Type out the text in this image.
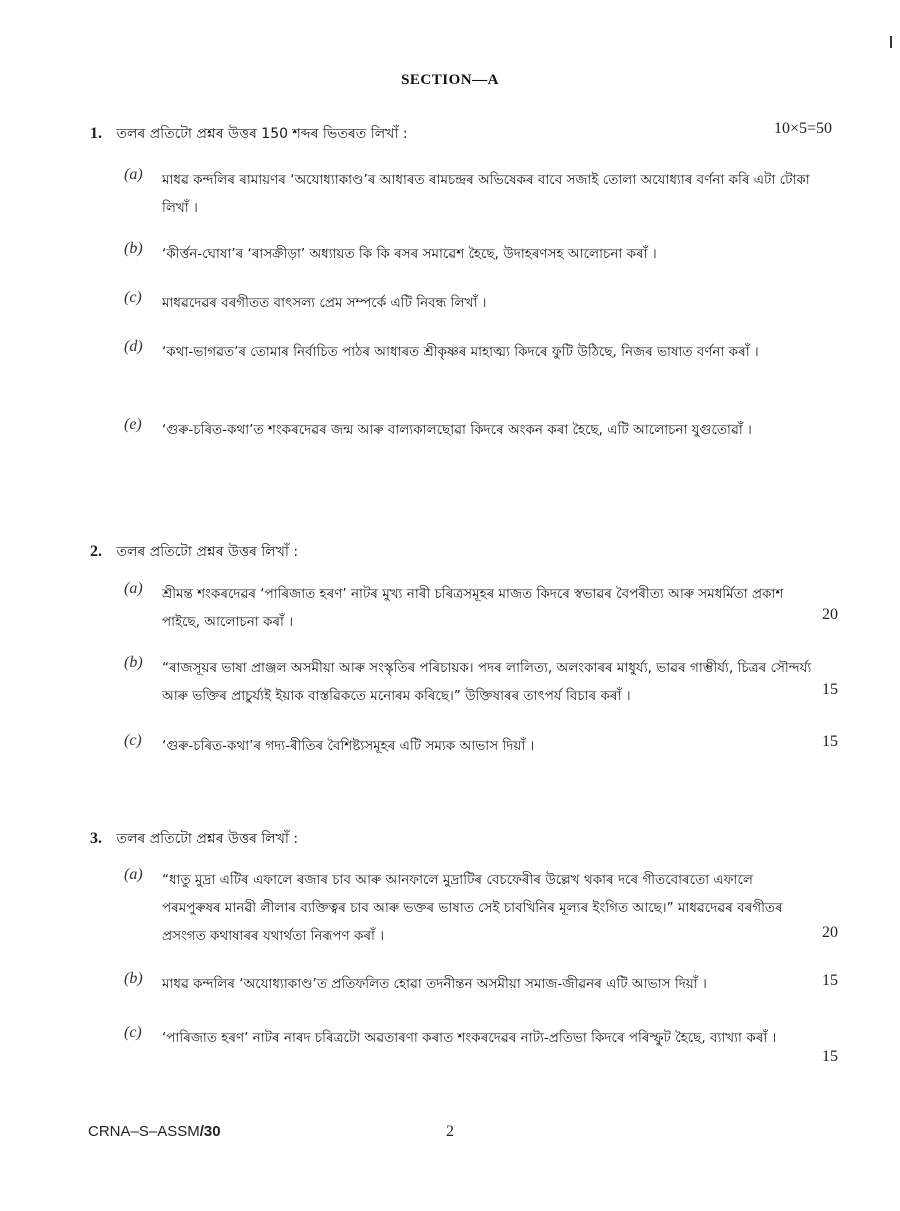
SECTION—A
1. তলৰ প্ৰতিটো প্ৰশ্নৰ উত্তৰ 150 শব্দৰ ভিতৰত লিখাঁ :	10×5=50
(a)	মাধৱ কন্দলিৰ ৰামায়ণৰ ‘অযোধ্যাকাণ্ড’ৰ আধাৰত ৰামচন্দ্ৰৰ অভিষেকৰ বাবে সজাই তোলা অযোধ্যাৰ বৰ্ণনা কৰি এটা টোকা লিখাঁ ।
(b)	‘কীৰ্ত্তন-ঘোষা’ৰ ‘ৰাসক্ৰীড়া’ অধ্যায়ত কি কি ৰসৰ সমাৱেশ হৈছে, উদাহৰণসহ আলোচনা কৰাঁ ।
(c)	মাধৱদেৱৰ বৰগীতত বাৎসল্য প্ৰেম সম্পৰ্কে এটি নিবন্ধ লিখাঁ ।
(d)	‘কথা-ভাগৱত’ৰ তোমাৰ নিৰ্বাচিত পাঠৰ আধাৰত শ্ৰীকৃষ্ণৰ মাহাত্ম্য কিদৰে ফুটি উঠিছে, নিজৰ ভাষাত বৰ্ণনা কৰাঁ ।
(e)	‘গুৰু-চৰিত-কথা’ত শংকৰদেৱৰ জন্ম আৰু বাল্যকালছোৱা কিদৰে অংকন কৰা হৈছে, এটি আলোচনা যুগুতোৱাঁ ।
2. তলৰ প্ৰতিটো প্ৰশ্নৰ উত্তৰ লিখাঁ :
(a)	শ্ৰীমন্ত শংকৰদেৱৰ ‘পাৰিজাত হৰণ’ নাটৰ মুখ্য নাৰী চৰিত্ৰসমূহৰ মাজত কিদৰে স্বভাৱৰ বৈপৰীত্য আৰু সমধৰ্মিতা প্ৰকাশ পাইছে, আলোচনা কৰাঁ ।	20
(b)	“ৰাজসূয়ৰ ভাষা প্ৰাঞ্জল অসমীয়া আৰু সংস্কৃতিৰ পৰিচায়ক। পদৰ লালিত্য, অলংকাৰৰ মাধুৰ্য্য, ভাৱৰ গাম্ভীৰ্য্য, চিত্ৰৰ সৌন্দৰ্য্য আৰু ভক্তিৰ প্ৰাচুৰ্য্যই ইয়াক বাস্তৱিকতে মনোৰম কৰিছে।” উক্তিষাৰৰ তাৎপৰ্য বিচাৰ কৰাঁ ।	15
(c)	‘গুৰু-চৰিত-কথা’ৰ গদ্য-ৰীতিৰ বৈশিষ্ট্যসমূহৰ এটি সম্যক আভাস দিয়াঁ ।	15
3. তলৰ প্ৰতিটো প্ৰশ্নৰ উত্তৰ লিখাঁ :
(a)	“ধাতু মুদ্ৰা এটিৰ এফালে ৰজাৰ চাব আৰু আনফালে মুদ্ৰাটিৰ বেচফেৰীৰ উল্লেখ থকাৰ দৰে গীতবোৰতো এফালে পৰমপুৰুষৰ মানৱী লীলাৰ ব্যক্তিত্বৰ চাব আৰু ভক্তৰ ভাষাত সেই চাবখিনিৰ মূল্যৰ ইংগিত আছে।” মাধৱদেৱৰ বৰগীতৰ প্ৰসংগত কথাষাৰৰ যথাৰ্থতা নিৰূপণ কৰাঁ ।	20
(b)	মাধৱ কন্দলিৰ ‘অযোধ্যাকাণ্ড’ত প্ৰতিফলিত হোৱা তদনীন্তন অসমীয়া সমাজ-জীৱনৰ এটি আভাস দিয়াঁ ।	15
(c)	‘পাৰিজাত হৰণ’ নাটৰ নাৰদ চৰিত্ৰটো অৱতাৰণা কৰাত শংকৰদেৱৰ নাট্য-প্ৰতিভা কিদৰে পৰিস্ফুট হৈছে, ব্যাখ্যা কৰাঁ ।
15
CRNA–S–ASSM/30	2
